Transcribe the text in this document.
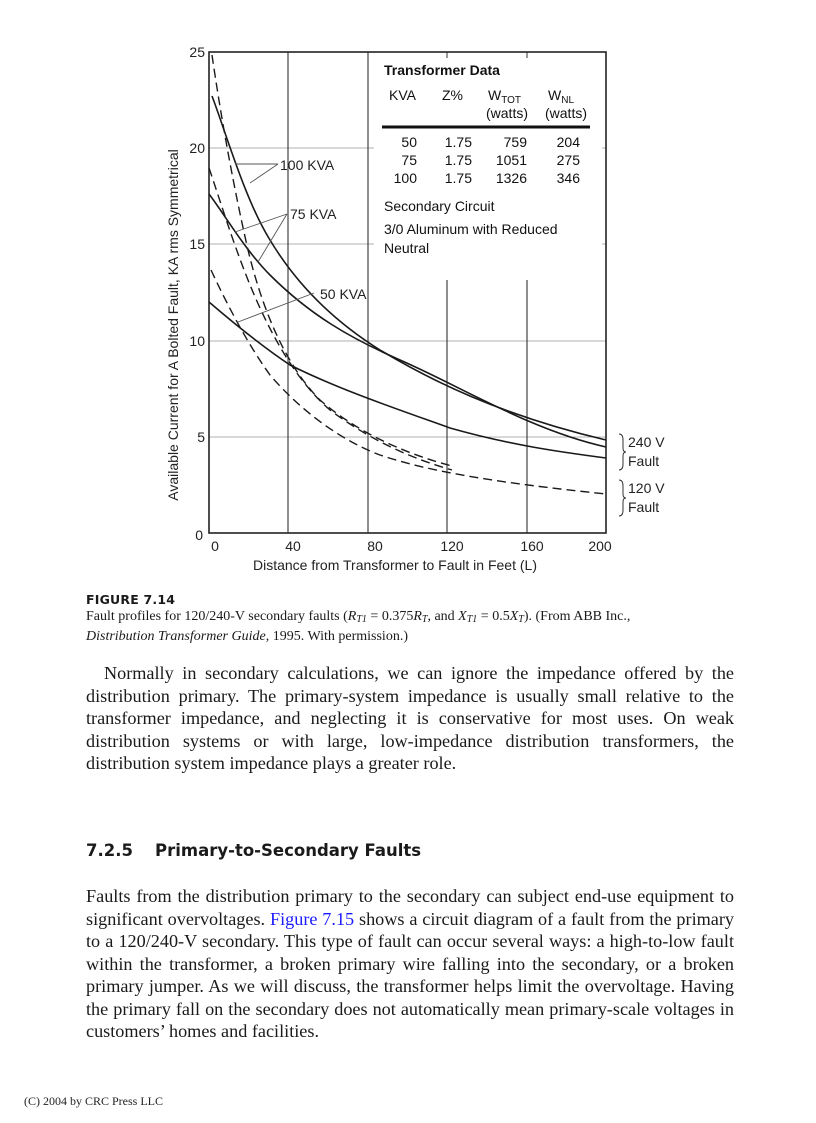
100 KVA
75 KVA
50 KVA
240 V
Fault
120 V
Fault
0
5
10
15
20
25
0	40	80	120	160	200
Distance from Transformer to Fault in Feet (L)
Available Current for A Bolted Fault, KA rms Symmetrical
Transformer Data
KVA Z% $W_{TOT}$ $W_{NL}$
(watts) (watts)
50 1.75 759 204
75 1.75 1051 275
100 1.75 1326 346
Secondary Circuit
3/0 Aluminum with Reduced
Neutral
FIGURE 7.14
Fault profiles for 120/240-V secondary faults (RT1 = 0.375RT, and XT1 = 0.5XT). (From ABB Inc.,
Distribution Transformer Guide, 1995. With permission.)

Normally in secondary calculations, we can ignore the impedance offered by the distribution primary. The primary-system impedance is usually small relative to the transformer impedance, and neglecting it is conservative for most uses. On weak distribution systems or with large, low-impedance distribution transformers, the distribution system impedance plays a greater role.

7.2.5 Primary-to-Secondary Faults

Faults from the distribution primary to the secondary can subject end-use equipment to significant overvoltages. Figure 7.15 shows a circuit diagram of a fault from the primary to a 120/240-V secondary. This type of fault can occur several ways: a high-to-low fault within the transformer, a broken primary wire falling into the secondary, or a broken primary jumper. As we will discuss, the transformer helps limit the overvoltage. Having the primary fall on the secondary does not automatically mean primary-scale voltages in customers’ homes and facilities.

(C) 2004 by CRC Press LLC
